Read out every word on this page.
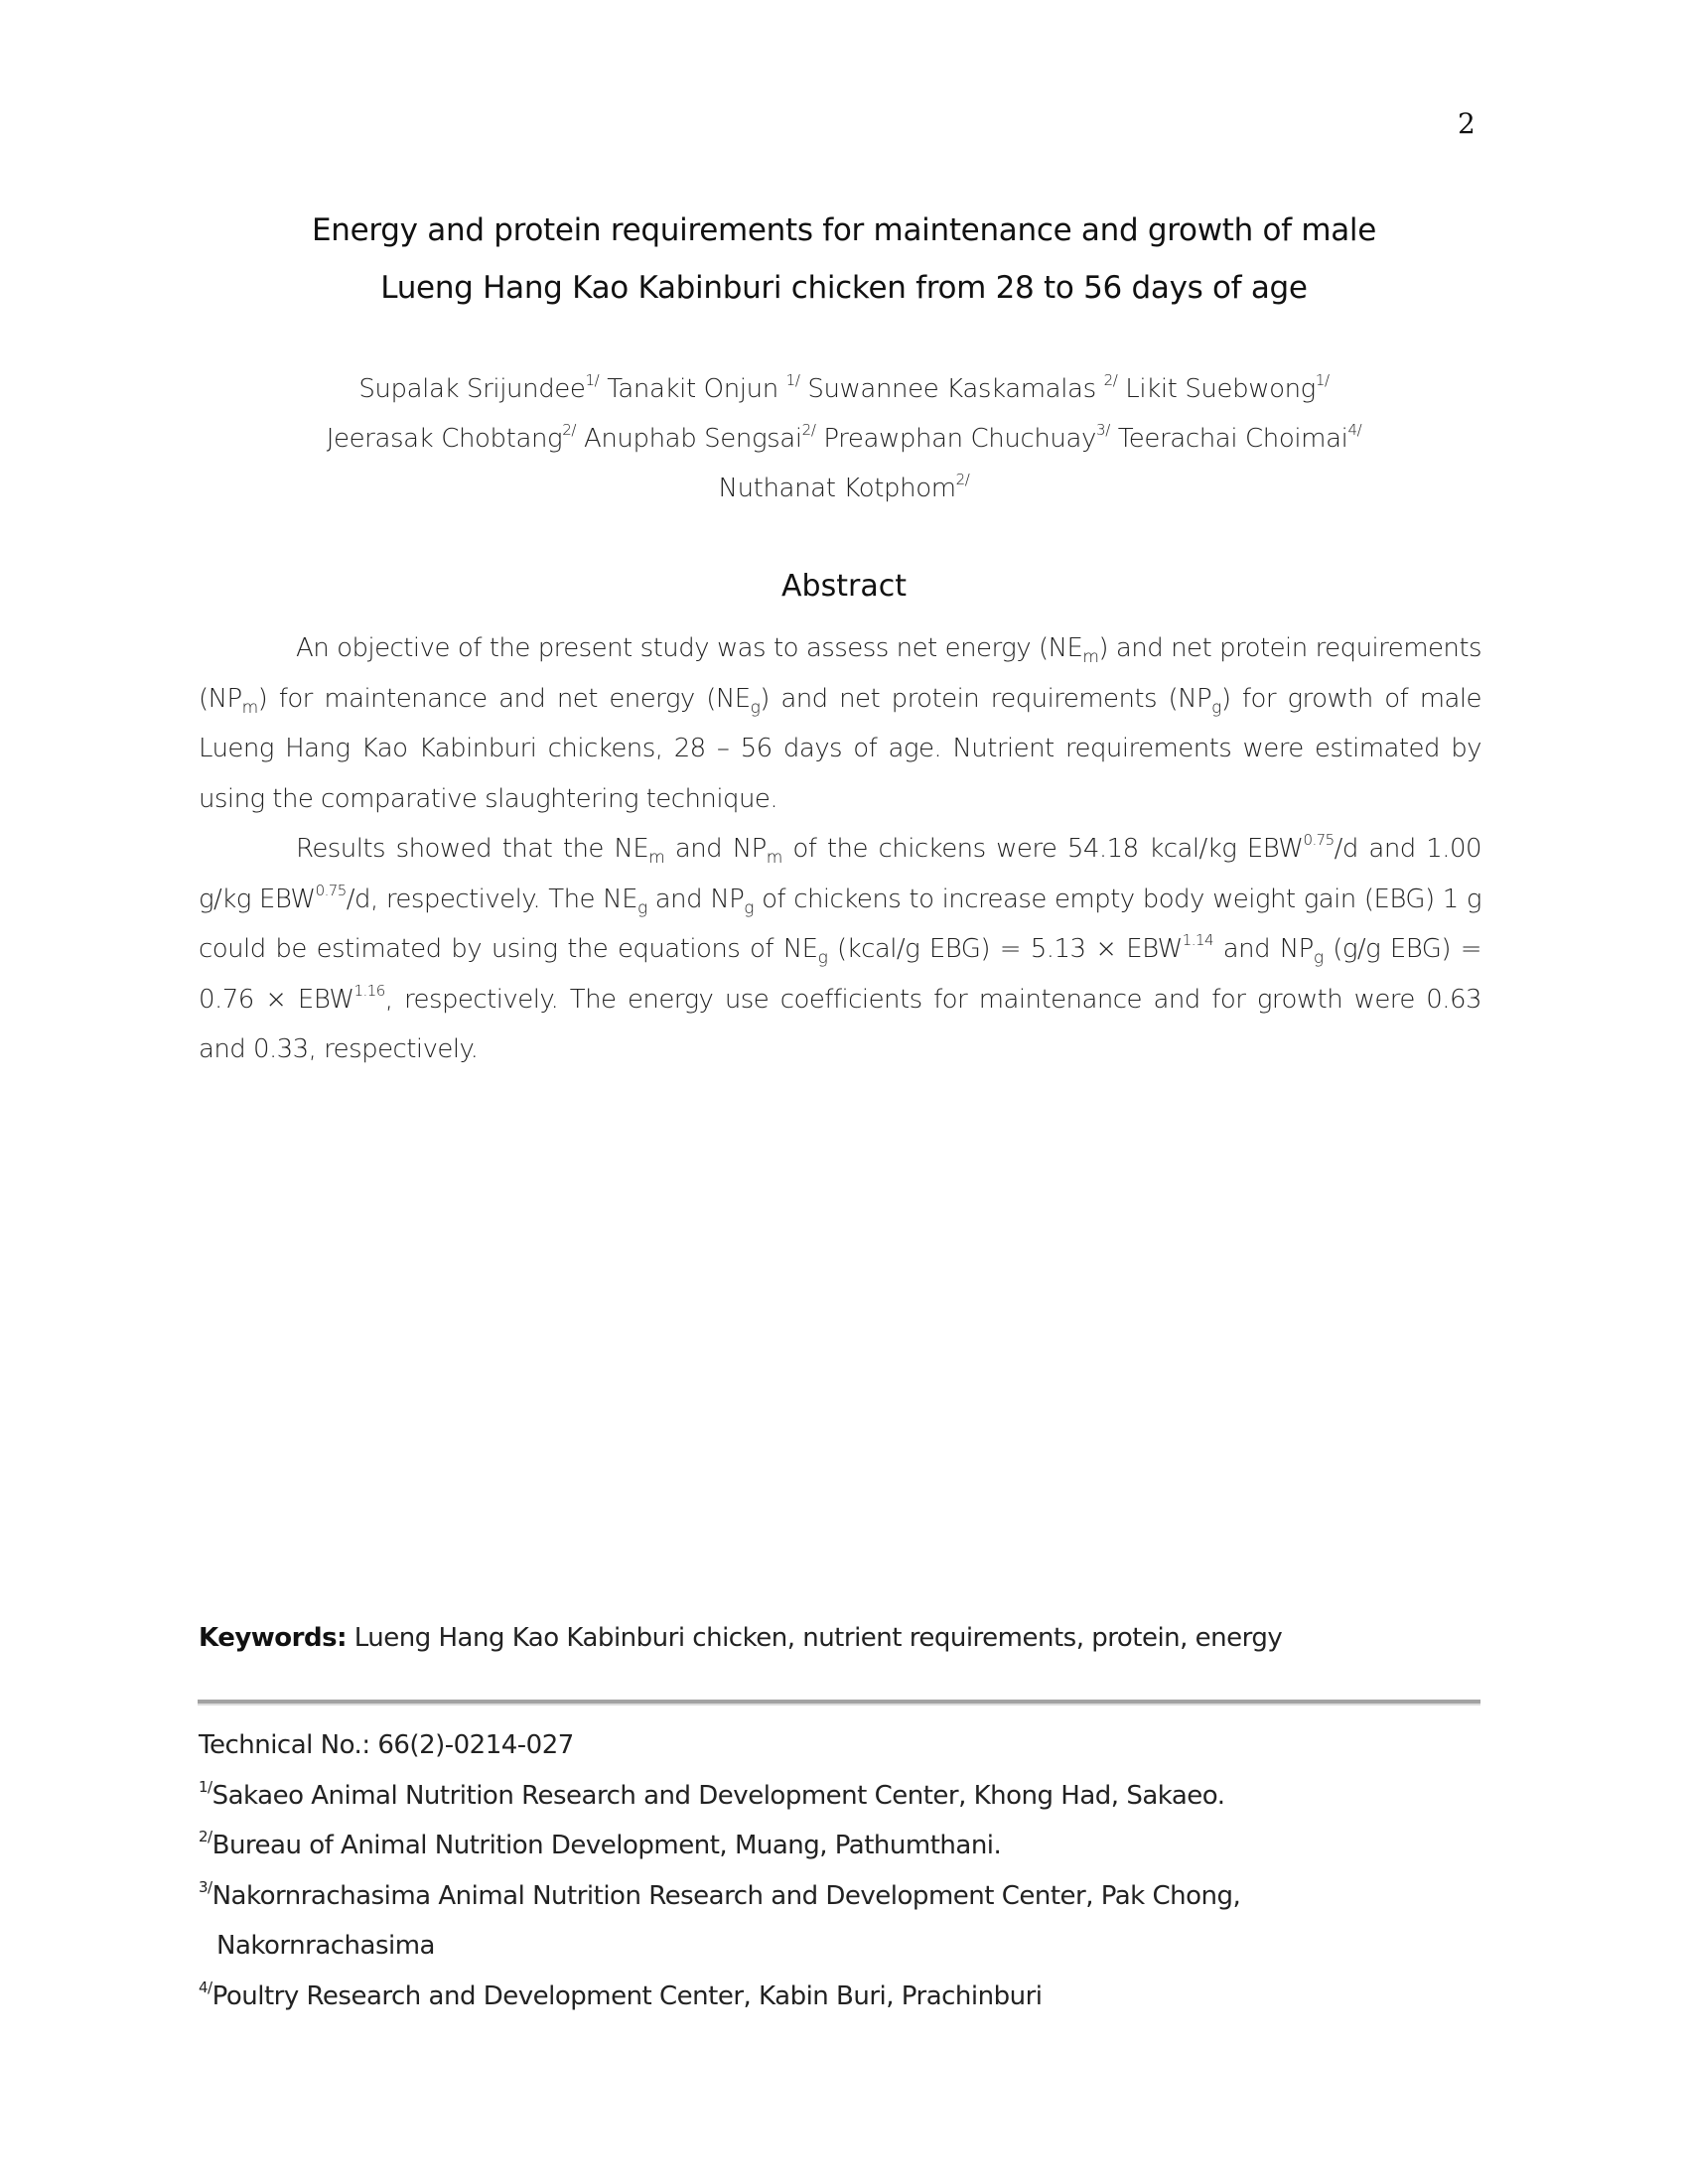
2
Energy and protein requirements for maintenance and growth of male
Lueng Hang Kao Kabinburi chicken from 28 to 56 days of age
Supalak Srijundee$^{1/}$ Tanakit Onjun $^{1/}$ Suwannee Kaskamalas $^{2/}$ Likit Suebwong$^{1/}$
Jeerasak Chobtang$^{2/}$ Anuphab Sengsai$^{2/}$ Preawphan Chuchuay$^{3/}$ Teerachai Choimai$^{4/}$
Nuthanat Kotphom$^{2/}$
Abstract

An objective of the present study was to assess net energy $(NE_m)$ and net protein requirements $(NP_m)$ for maintenance and net energy $(NE_g)$ and net protein requirements $(NP_g)$ for growth of male Lueng Hang Kao Kabinburi chickens, 28 – 56 days of age. Nutrient requirements were estimated by using the comparative slaughtering technique.

Results showed that the $NE_m$ and $NP_m$ of the chickens were 54.18 kcal/kg $EBW^{0.75}/d$ and 1.00 g/kg $EBW^{0.75}/d$, respectively. The $NE_g$ and $NP_g$ of chickens to increase empty body weight gain (EBG) 1 g could be estimated by using the equations of $NE_g$ (kcal/g $EBG) = 5.13 \times EBW^{1.14}$ and $NP_g$ (g/g $EBG) = 0.76 \times EBW^{1.16}$, respectively. The energy use coefficients for maintenance and for growth were 0.63 and 0.33, respectively.

Keywords: Lueng Hang Kao Kabinburi chicken, nutrient requirements, protein, energy
Technical No.: 66(2)-0214-027
$^{1/}$Sakaeo Animal Nutrition Research and Development Center, Khong Had, Sakaeo.
$^{2/}$Bureau of Animal Nutrition Development, Muang, Pathumthani.
$^{3/}$Nakornrachasima Animal Nutrition Research and Development Center, Pak Chong,
Nakornrachasima
$^{4/}$Poultry Research and Development Center, Kabin Buri, Prachinburi
